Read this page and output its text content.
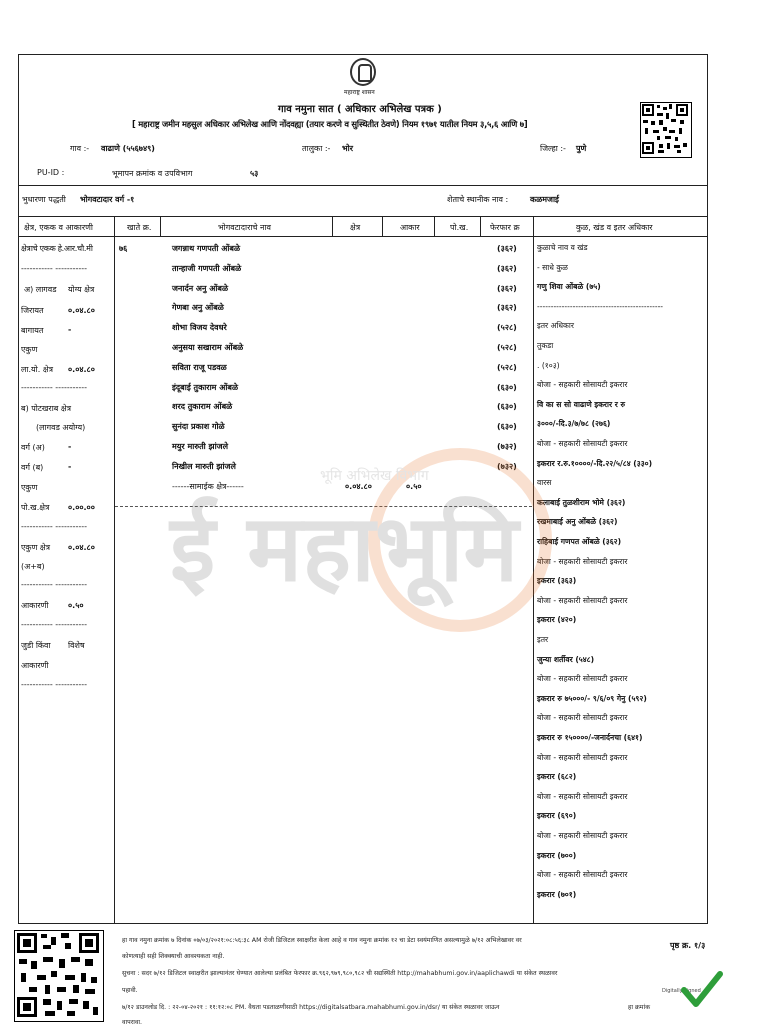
महाराष्ट्र शासन
गाव नमुना सात ( अधिकार अभिलेख पत्रक )
[ महाराष्ट्र जमीन महसुल अधिकार अभिलेख आणि नोंदवह्या (तयार करणे व सुस्थितीत ठेवणे) नियम १९७१ यातील नियम ३,५,६ आणि ७]
गाव :- वाढाणे (५५६७४९)	तालुका :- भोर	जिल्हा :- पुणे
PU-ID :	भूमापन क्रमांक व उपविभाग	५३
भुधारणा पद्धती भोगवटादार वर्ग -१	शेताचे स्थानीक नाव :	कळमजाई
क्षेत्र, एकक व आकारणी	खाते क्र.	भोगवटादाराचे नाव	क्षेत्र	आकार	पो.ख.	फेरफार क्र	कुळ, खंड व इतर अधिकार
क्षेत्राचे एकक हे.आर.चौ.मी
----------- -----------
अ) लागवड योग्य क्षेत्र
जिरायत	०.०४.८०
बागायत	-
एकुण
ला.यो. क्षेत्र ०.०४.८०
----------- -----------
ब) पोटखराब क्षेत्र
(लागवड अयोग्य)
वर्ग (अ)	-
वर्ग (ब)	-
एकुण
पो.ख.क्षेत्र ०.००.००
----------- -----------
एकुण क्षेत्र ०.०४.८०
(अ+ब)
----------- -----------
आकारणी ०.५०
----------- -----------
जुडी किंवा विशेष
आकारणी
----------- -----------
७६	जगन्नाथ गणपती ओंबळे	(३६२)
तान्हाजी गणपती ओंबळे	(३६२)
जनार्दन अनु ओंबळे	(३६२)
गेणबा अनु ओंबळे	(३६२)
शोभा विजय देवधरे	(५२८)
अनुसया सखाराम ओंबळे	(५२८)
सविता राजू पडवळ	(५२८)
इंदूबाई तुकाराम ओंबळे	(६३०)
शरद तुकाराम ओंबळे	(६३०)
सुनंदा प्रकाश गोळे	(६३०)
मयुर मारुती झांजले	(७३२)
निखील मारुती झांजले	(७३२)
------सामाईक क्षेत्र------	०.०४.८०	०.५०
कुळाचे नाव व खंड
- साधे कुळ
गणु शिवा ओंबळे (७५)
----------------------------------------------
इतर अधिकार
तुकडा
. (१०३)
बोजा - सहकारी सोसायटी इकरार
वि का स सो वाढाणे इकरार र रु
३०००/-दि.३/७/७८ (२७६)
बोजा - सहकारी सोसायटी इकरार
इकरार र.रु.१००००/-दि.२२/५/८४ (३३०)
वारस
कलाबाई तुळशीराम भोमे (३६२)
रखमाबाई अनु ओंबळे (३६२)
राहिबाई गणपत ओंबळे (३६२)
बोजा - सहकारी सोसायटी इकरार
इकरार (३६३)
बोजा - सहकारी सोसायटी इकरार
इकरार (४२०)
इतर
जुन्या शर्तीवर (५४८)
बोजा - सहकारी सोसायटी इकरार
इकरार रु ७५०००/- ९/६/०९ गेनु (५९२)
बोजा - सहकारी सोसायटी इकरार
इकरार रु १५००००/-जनार्दनचा (६४१)
बोजा - सहकारी सोसायटी इकरार
इकरार (६८२)
बोजा - सहकारी सोसायटी इकरार
इकरार (६९०)
बोजा - सहकारी सोसायटी इकरार
इकरार (७००)
बोजा - सहकारी सोसायटी इकरार
इकरार (७०१)
ई महाभूमि
भूमि अभिलेख विभाग
हा गाव नमुना क्रमांक ७ दिनांक ०७/०३/२०२१:०८:५६:३८ AM रोजी डिजिटल स्वाक्षरीत केला आहे व गाव नमुना क्रमांक १२ चा डेटा स्वयंमाणित असल्यामुळे ७/१२ अभिलेखावर वर
कोणत्याही सही शिक्क्याची आवश्यकता नाही.
सुचना : सदर ७/१२ डिजिटल स्वाक्षरीत झाल्यानंतर घेण्यात आलेल्या प्रलंबित फेरफार क्र.९६२,९७९,९८०,९८२ ची सद्यस्थिती http://mahabhumi.gov.in/aaplichawdi या संकेत स्थळावर
पहावी.
७/१२ डाउनलोड दि. : २२-०४-२०२१ : ११:१२:०८ PM. वैधता पडताळणीसाठी https://digitalsatbara.mahabhumi.gov.in/dsr/ या संकेत स्थळावर जाऊन	हा क्रमांक
वापरावा.
पृष्ठ क्र. १/३
Digitally signed
